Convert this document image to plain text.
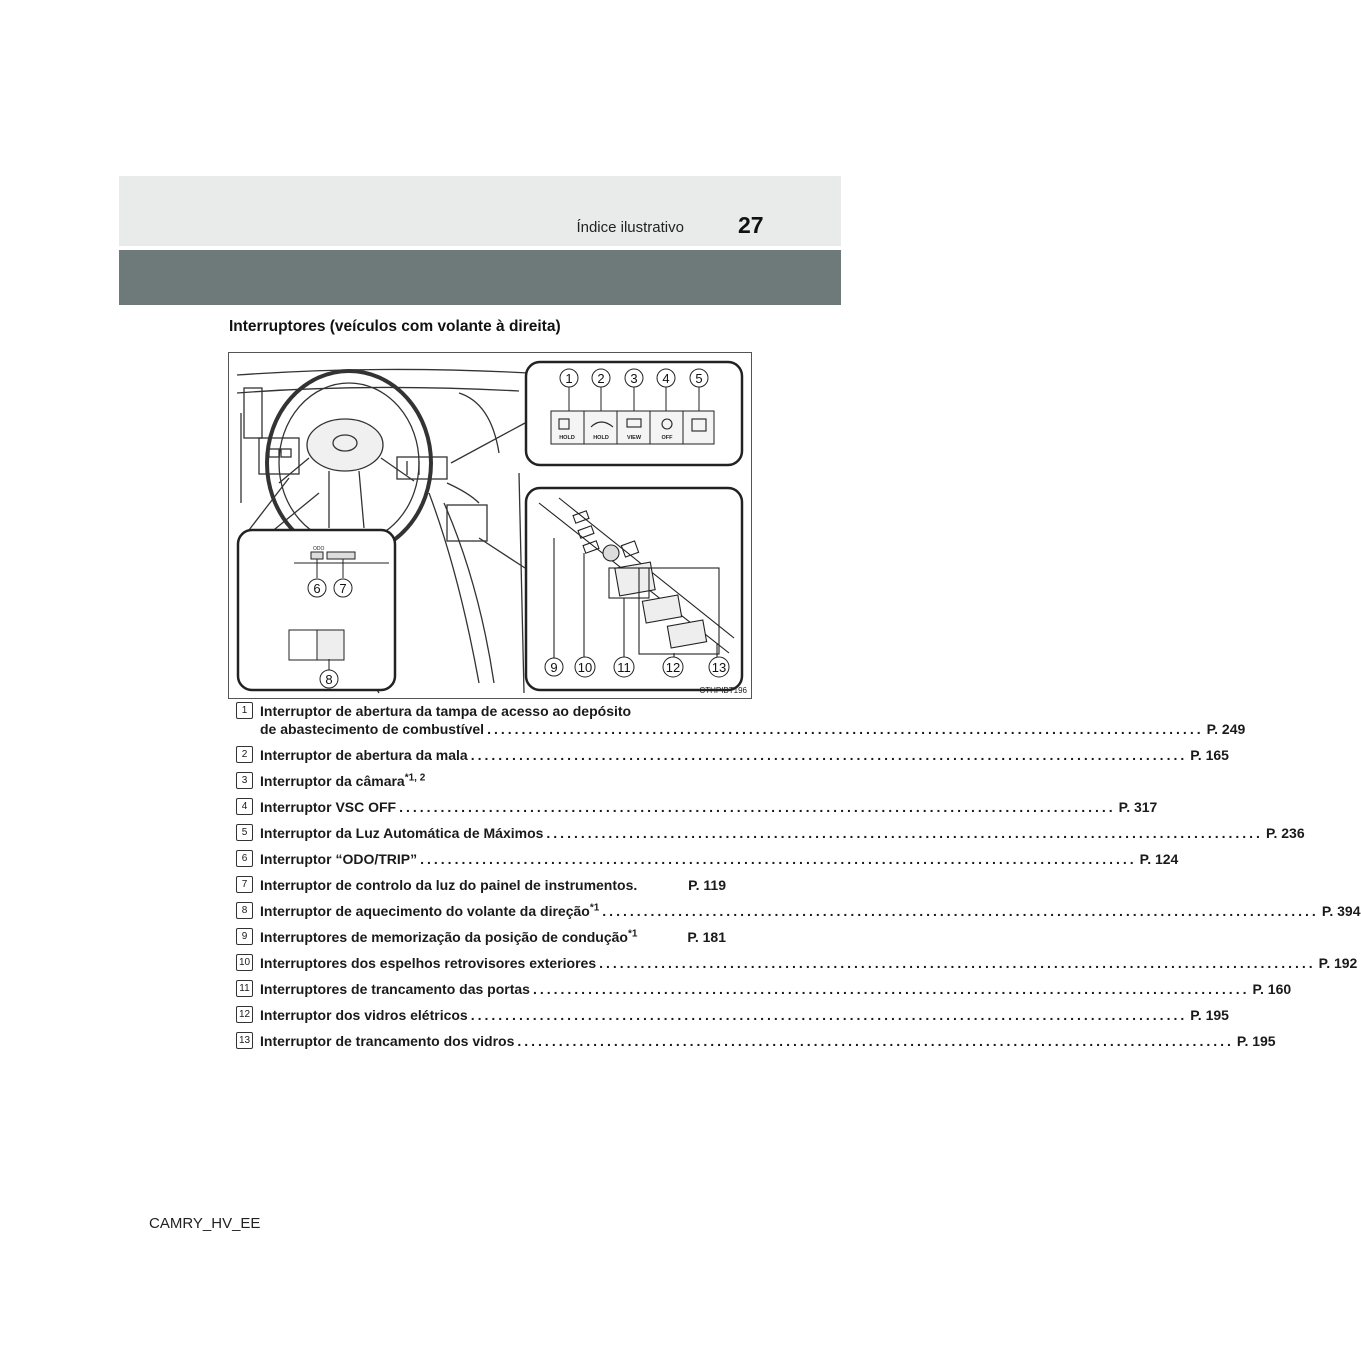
Índice ilustrativo 27
Interruptores (veículos com volante à direita)
HOLD	HOLD	VIEW	OFF
1 2 3 4 5
ODO
6 7
8
9 10 11	12 13
CTHPIBT196
1 Interruptor de abertura da tampa de acesso ao depósito
de abastecimento de combustível ........................................................................................................ P. 249
2 Interruptor de abertura da mala ........................................................................................................ P. 165
3 Interruptor da câmara$^{*1, 2}$
4 Interruptor VSC OFF ........................................................................................................ P. 317
5 Interruptor da Luz Automática de Máximos ........................................................................................................ P. 236
6 Interruptor “ODO/TRIP” ........................................................................................................ P. 124
7 Interruptor de controlo da luz do painel de instrumentos.	P. 119
8 Interruptor de aquecimento do volante da direção$^{*1}$ ........................................................................................................ P. 394
9 Interruptores de memorização da posição de condução$^{*1}$	P. 181
10 Interruptores dos espelhos retrovisores exteriores ........................................................................................................ P. 192
11 Interruptores de trancamento das portas ........................................................................................................ P. 160
12 Interruptor dos vidros elétricos ........................................................................................................ P. 195
13 Interruptor de trancamento dos vidros ........................................................................................................ P. 195
CAMRY_HV_EE
